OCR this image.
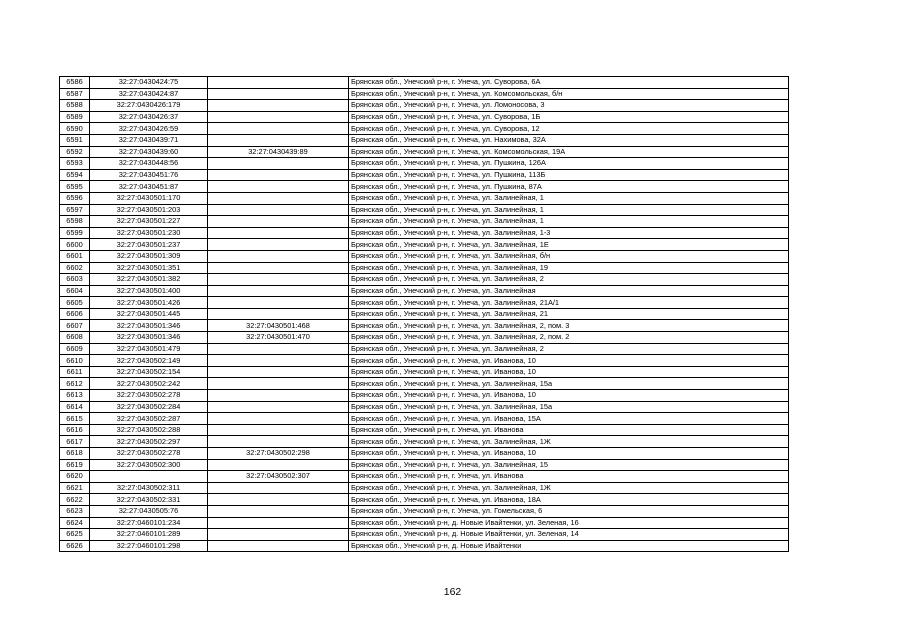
6586	32:27:0430424:75		Брянская обл., Унечский р-н, г. Унеча, ул. Суворова, 6А
6587	32:27:0430424:87		Брянская обл., Унечский р-н, г. Унеча, ул. Комсомольская, б/н
6588	32:27:0430426:179		Брянская обл., Унечский р-н, г. Унеча, ул. Ломоносова, 3
6589	32:27:0430426:37		Брянская обл., Унечский р-н, г. Унеча, ул. Суворова, 1Б
6590	32:27:0430426:59		Брянская обл., Унечский р-н, г. Унеча, ул. Суворова, 12
6591	32:27:0430439:71		Брянская обл., Унечский р-н, г. Унеча, ул. Нахимова, 32А
6592	32:27:0430439:60	32:27:0430439:89	Брянская обл., Унечский р-н, г. Унеча, ул. Комсомольская, 19А
6593	32:27:0430448:56		Брянская обл., Унечский р-н, г. Унеча, ул. Пушкина, 126А
6594	32:27:0430451:76		Брянская обл., Унечский р-н, г. Унеча, ул. Пушкина, 113Б
6595	32:27:0430451:87		Брянская обл., Унечский р-н, г. Унеча, ул. Пушкина, 87А
6596	32:27:0430501:170		Брянская обл., Унечский р-н, г. Унеча, ул. Залинейная, 1
6597	32:27:0430501:203		Брянская обл., Унечский р-н, г. Унеча, ул. Залинейная, 1
6598	32:27:0430501:227		Брянская обл., Унечский р-н, г. Унеча, ул. Залинейная, 1
6599	32:27:0430501:230		Брянская обл., Унечский р-н, г. Унеча, ул. Залинейная, 1-3
6600	32:27:0430501:237		Брянская обл., Унечский р-н, г. Унеча, ул. Залинейная, 1Е
6601	32:27:0430501:309		Брянская обл., Унечский р-н, г. Унеча, ул. Залинейная, б/н
6602	32:27:0430501:351		Брянская обл., Унечский р-н, г. Унеча, ул. Залинейная, 19
6603	32:27:0430501:382		Брянская обл., Унечский р-н, г. Унеча, ул. Залинейная, 2
6604	32:27:0430501:400		Брянская обл., Унечский р-н, г. Унеча, ул. Залинейная
6605	32:27:0430501:426		Брянская обл., Унечский р-н, г. Унеча, ул. Залинейная, 21А/1
6606	32:27:0430501:445		Брянская обл., Унечский р-н, г. Унеча, ул. Залинейная, 21
6607	32:27:0430501:346	32:27:0430501:468	Брянская обл., Унечский р-н, г. Унеча, ул. Залинейная, 2, пом. 3
6608	32:27:0430501:346	32:27:0430501:470	Брянская обл., Унечский р-н, г. Унеча, ул. Залинейная, 2, пом. 2
6609	32:27:0430501:479		Брянская обл., Унечский р-н, г. Унеча, ул. Залинейная, 2
6610	32:27:0430502:149		Брянская обл., Унечский р-н, г. Унеча, ул. Иванова, 10
6611	32:27:0430502:154		Брянская обл., Унечский р-н, г. Унеча, ул. Иванова, 10
6612	32:27:0430502:242		Брянская обл., Унечский р-н, г. Унеча, ул. Залинейная, 15а
6613	32:27:0430502:278		Брянская обл., Унечский р-н, г. Унеча, ул. Иванова, 10
6614	32:27:0430502:284		Брянская обл., Унечский р-н, г. Унеча, ул. Залинейная, 15а
6615	32:27:0430502:287		Брянская обл., Унечский р-н, г. Унеча, ул. Иванова, 15А
6616	32:27:0430502:288		Брянская обл., Унечский р-н, г. Унеча, ул. Иванова
6617	32:27:0430502:297		Брянская обл., Унечский р-н, г. Унеча, ул. Залинейная, 1Ж
6618	32:27:0430502:278	32:27:0430502:298	Брянская обл., Унечский р-н, г. Унеча, ул. Иванова, 10
6619	32:27:0430502:300		Брянская обл., Унечский р-н, г. Унеча, ул. Залинейная, 15
6620		32:27:0430502:307	Брянская обл., Унечский р-н, г. Унеча, ул. Иванова
6621	32:27:0430502:311		Брянская обл., Унечский р-н, г. Унеча, ул. Залинейная, 1Ж
6622	32:27:0430502:331		Брянская обл., Унечский р-н, г. Унеча, ул. Иванова, 18А
6623	32:27:0430505:76		Брянская обл., Унечский р-н, г. Унеча, ул. Гомельская, 6
6624	32:27:0460101:234		Брянская обл., Унечский р-н, д. Новые Ивайтенки, ул. Зеленая, 16
6625	32:27:0460101:289		Брянская обл., Унечский р-н, д. Новые Ивайтенки, ул. Зеленая, 14
6626	32:27:0460101:298		Брянская обл., Унечский р-н, д. Новые Ивайтенки
162
